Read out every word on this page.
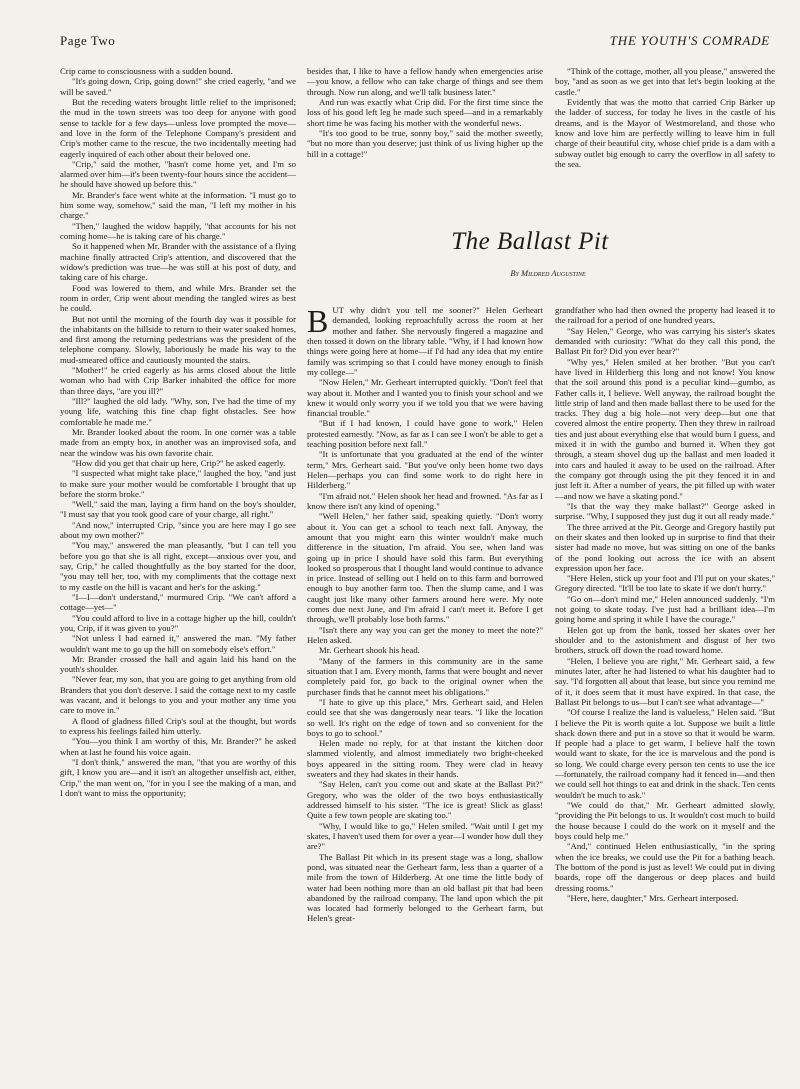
Page Two	THE YOUTH'S COMRADE

Crip came to consciousness with a sudden bound.

"It's going down, Crip, going down!" she cried eagerly, "and we will be saved."

But the receding waters brought little relief to the imprisoned; the mud in the town streets was too deep for anyone with good sense to tackle for a few days—unless love prompted the move—and love in the form of the Telephone Company's president and Crip's mother came to the rescue, the two incidentally meeting had eagerly inquired of each other about their beloved one.

"Crip," said the mother, "hasn't come home yet, and I'm so alarmed over him—it's been twenty-four hours since the accident—he should have showed up before this."

Mr. Brander's face went white at the information. "I must go to him some way, somehow," said the man, "I left my mother in his charge."

"Then," laughed the widow happily, "that accounts for his not coming home—he is taking care of his charge."

So it happened when Mr. Brander with the assistance of a flying machine finally attracted Crip's attention, and discovered that the widow's prediction was true—he was still at his post of duty, and taking care of his charge.

Food was lowered to them, and while Mrs. Brander set the room in order, Crip went about mending the tangled wires as best he could.

But not until the morning of the fourth day was it possible for the inhabitants on the hillside to return to their water soaked homes, and first among the returning pedestrians was the president of the telephone company. Slowly, laboriously he made his way to the mud-smeared office and cautiously mounted the stairs.

"Mother!" he cried eagerly as his arms closed about the little woman who had with Crip Barker inhabited the office for more than three days, "are you ill?"

"Ill?" laughed the old lady. "Why, son, I've had the time of my young life, watching this fine chap fight obstacles. See how comfortable he made me."

Mr. Brander looked about the room. In one corner was a table made from an empty box, in another was an improvised sofa, and near the window was his own favorite chair.

"How did you get that chair up here, Crip?" he asked eagerly.

"I suspected what might take place," laughed the boy, "and just to make sure your mother would be comfortable I brought that up before the storm broke."

"Well," said the man, laying a firm hand on the boy's shoulder, "I must say that you took good care of your charge, all right."

"And now," interrupted Crip, "since you are here may I go see about my own mother?"

"You may," answered the man pleasantly, "but I can tell you before you go that she is all right, except—anxious over you, and say, Crip," he called thoughtfully as the boy started for the door, "you may tell her, too, with my compliments that the cottage next to my castle on the hill is vacant and her's for the asking."

"I—I—don't understand," murmured Crip. "We can't afford a cottage—yet—"

"You could afford to live in a cottage higher up the hill, couldn't you, Crip, if it was given to you?"

"Not unless I had earned it," answered the man. "My father wouldn't want me to go up the hill on somebody else's effort."

Mr. Brander crossed the hall and again laid his hand on the youth's shoulder.

"Never fear, my son, that you are going to get anything from old Branders that you don't deserve. I said the cottage next to my castle was vacant, and it belongs to you and your mother any time you care to move in."

A flood of gladness filled Crip's soul at the thought, but words to express his feelings failed him utterly.

"You—you think I am worthy of this, Mr. Brander?" he asked when at last he found his voice again.

"I don't think," answered the man, "that you are worthy of this gift, I know you are—and it isn't an altogether unselfish act, either, Crip," the man went on, "for in you I see the making of a man, and I don't want to miss the opportunity;

besides that, I like to have a fellow handy when emergencies arise—you know, a fellow who can take charge of things and see them through. Now run along, and we'll talk business later."

And run was exactly what Crip did. For the first time since the loss of his good left leg he made such speed—and in a remarkably short time he was facing his mother with the wonderful news.

"It's too good to be true, sonny boy," said the mother sweetly, "but no more than you deserve; just think of us living higher up the hill in a cottage!"

"Think of the cottage, mother, all you please," answered the boy, "and as soon as we get into that let's begin looking at the castle."

Evidently that was the motto that carried Crip Barker up the ladder of success, for today he lives in the castle of his dreams, and is the Mayor of Westmoreland, and those who know and love him are perfectly willing to leave him in full charge of their beautiful city, whose chief pride is a dam with a subway outlet big enough to carry the overflow in all safety to the sea.

The Ballast Pit
By Mildred Augustine

BUT why didn't you tell me sooner?" Helen Gerheart demanded, looking reproachfully across the room at her mother and father. She nervously fingered a magazine and then tossed it down on the library table. "Why, if I had known how things were going here at home—if I'd had any idea that my entire family was scrimping so that I could have money enough to finish my college—"

"Now Helen," Mr. Gerheart interrupted quickly. "Don't feel that way about it. Mother and I wanted you to finish your school and we knew it would only worry you if we told you that we were having financial trouble."

"But if I had known, I could have gone to work," Helen protested earnestly. "Now, as far as I can see I won't be able to get a teaching position before next fall."

"It is unfortunate that you graduated at the end of the winter term," Mrs. Gerheart said. "But you've only been home two days Helen—perhaps you can find some work to do right here in Hilderberg."

"I'm afraid not." Helen shook her head and frowned. "As far as I know there isn't any kind of opening."

"Well Helen," her father said, speaking quietly. "Don't worry about it. You can get a school to teach next fall. Anyway, the amount that you might earn this winter wouldn't make much difference in the situation, I'm afraid. You see, when land was going up in price I should have sold this farm. But everything looked so prosperous that I thought land would continue to advance in price. Instead of selling out I held on to this farm and borrowed enough to buy another farm too. Then the slump came, and I was caught just like many other farmers around here were. My note comes due next June, and I'm afraid I can't meet it. Before I get through, we'll probably lose both farms."

"Isn't there any way you can get the money to meet the note?" Helen asked.

Mr. Gerheart shook his head.

"Many of the farmers in this community are in the same situation that I am. Every month, farms that were bought and never completely paid for, go back to the original owner when the purchaser finds that he cannot meet his obligations."

"I hate to give up this place," Mrs. Gerheart said, and Helen could see that she was dangerously near tears. "I like the location so well. It's right on the edge of town and so convenient for the boys to go to school."

Helen made no reply, for at that instant the kitchen door slammed violently, and almost immediately two bright-cheeked boys appeared in the sitting room. They were clad in heavy sweaters and they had skates in their hands.

"Say Helen, can't you come out and skate at the Ballast Pit?" Gregory, who was the older of the two boys enthusiastically addressed himself to his sister. "The ice is great! Slick as glass! Quite a few town people are skating too."

"Why, I would like to go," Helen smiled. "Wait until I get my skates, I haven't used them for over a year—I wonder how dull they are?"

The Ballast Pit which in its present stage was a long, shallow pond, was situated near the Gerheart farm, less than a quarter of a mile from the town of Hilderberg. At one time the little body of water had been nothing more than an old ballast pit that had been abandoned by the railroad company. The land upon which the pit was located had formerly belonged to the Gerheart farm, but Helen's great-

grandfather who had then owned the property had leased it to the railroad for a period of one hundred years.

"Say Helen," George, who was carrying his sister's skates demanded with curiosity: "What do they call this pond, the Ballast Pit for? Did you ever hear?"

"Why yes," Helen smiled at her brother. "But you can't have lived in Hilderberg this long and not know! You know that the soil around this pond is a peculiar kind—gumbo, as Father calls it, I believe. Well anyway, the railroad bought the little strip of land and then made ballast there to be used for the tracks. They dug a big hole—not very deep—but one that covered almost the entire property. Then they threw in railroad ties and just about everything else that would burn I guess, and mixed it in with the gumbo and burned it. When they got through, a steam shovel dug up the ballast and men loaded it into cars and hauled it away to be used on the railroad. After the company got through using the pit they fenced it in and just left it. After a number of years, the pit filled up with water—and now we have a skating pond."

"Is that the way they make ballast?" George asked in surprise. "Why, I supposed they just dug it out all ready made."

The three arrived at the Pit. George and Gregory hastily put on their skates and then looked up in surprise to find that their sister had made no move, but was sitting on one of the banks of the pond looking out across the ice with an absent expression upon her face.

"Here Helen, stick up your foot and I'll put on your skates," Gregory directed. "It'll be too late to skate if we don't hurry."

"Go on—don't mind me," Helen announced suddenly. "I'm not going to skate today. I've just had a brilliant idea—I'm going home and spring it while I have the courage."

Helen got up from the bank, tossed her skates over her shoulder and to the astonishment and disgust of her two brothers, struck off down the road toward home.

"Helen, I believe you are right," Mr. Gerheart said, a few minutes later, after he had listened to what his daughter had to say. "I'd forgotten all about that lease, but since you remind me of it, it does seem that it must have expired. In that case, the Ballast Pit belongs to us—but I can't see what advantage—"

"Of course I realize the land is valueless," Helen said. "But I believe the Pit is worth quite a lot. Suppose we built a little shack down there and put in a stove so that it would be warm. If people had a place to get warm, I believe half the town would want to skate, for the ice is marvelous and the pond is so long. We could charge every person ten cents to use the ice—fortunately, the railroad company had it fenced in—and then we could sell hot things to eat and drink in the shack. Ten cents wouldn't be much to ask."

"We could do that," Mr. Gerheart admitted slowly, "providing the Pit belongs to us. It wouldn't cost much to build the house because I could do the work on it myself and the boys could help me."

"And," continued Helen enthusiastically, "in the spring when the ice breaks, we could use the Pit for a bathing beach. The bottom of the pond is just as level! We could put in diving boards, rope off the dangerous or deep places and build dressing rooms."

"Here, here, daughter," Mrs. Gerheart interposed.
